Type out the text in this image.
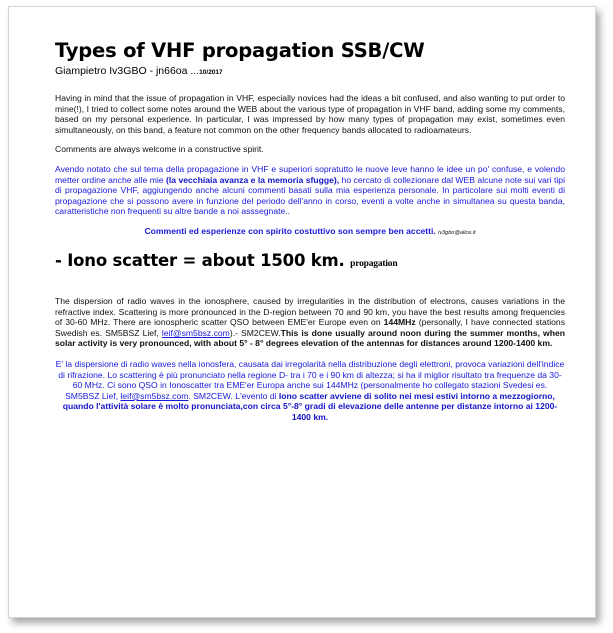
Types of VHF propagation SSB/CW
Giampietro Iv3GBO - jn66oa ...10/2017

Having in mind that the issue of propagation in VHF, especially novices had the ideas a bit confused, and also wanting to put order to mine(!), I tried to collect some notes around the WEB about the various type of propagation in VHF band, adding some my comments, based on my personal experience. In particular, I was impressed by how many types of propagation may exist, sometimes even simultaneously, on this band, a feature not common on the other frequency bands allocated to radioamateurs.

Comments are always welcome in a constructive spirit.

Avendo notato che sul tema della propagazione in VHF e superiori sopratutto le nuove leve hanno le idee un po' confuse, e volendo metter ordine anche alle mie (la vecchiaia avanza e la memoria sfugge), ho cercato di collezionare dal WEB alcune note sui vari tipi di propagazione VHF, aggiungendo anche alcuni commenti basati sulla mia esperienza personale. In particolare sui molti eventi di propagazione che si possono avere in funzione del periodo dell'anno in corso, eventi a volte anche in simultanea su questa banda, caratteristiche non frequenti su altre bande a noi asssegnate..

Commenti ed esperienze con spirito costuttivo son sempre ben accetti. iv3gbo@alice.it

- Iono scatter = about 1500 km. propagation

The dispersion of radio waves in the ionosphere, caused by irregularities in the distribution of electrons, causes variations in the refractive index. Scattering is more pronounced in the D-region between 70 and 90 km, you have the best results among frequencies of 30-60 MHz. There are ionospheric scatter QSO between EME'er Europe even on 144MHz (personally, I have connected stations Swedish es. SM5BSZ Lief, leif@sm5bsz.com).- SM2CEW.This is done usually around noon during the summer months, when solar activity is very pronounced, with about 5° - 8° degrees elevation of the antennas for distances around 1200-1400 km.

E' la dispersione di radio waves nella ionosfera, causata dai irregolarità nella distribuzione degli elettroni, provoca variazioni dell'indice di rifrazione. Lo scattering è più pronunciato nella regione D- tra i 70 e i 90 km di altezza; si ha il miglior risultato tra frequenze da 30-60 MHz. Ci sono QSO in Ionoscatter tra EME'er Europa anche sui 144MHz (personalmente ho collegato stazioni Svedesi es. SM5BSZ Lief, leif@sm5bsz.com. SM2CEW. L'evento di Iono scatter avviene di solito nei mesi estivi intorno a mezzogiorno, quando l'attività solare è molto pronunciata,con circa 5°-8° gradi di elevazione delle antenne per distanze intorno ai 1200-1400 km.
